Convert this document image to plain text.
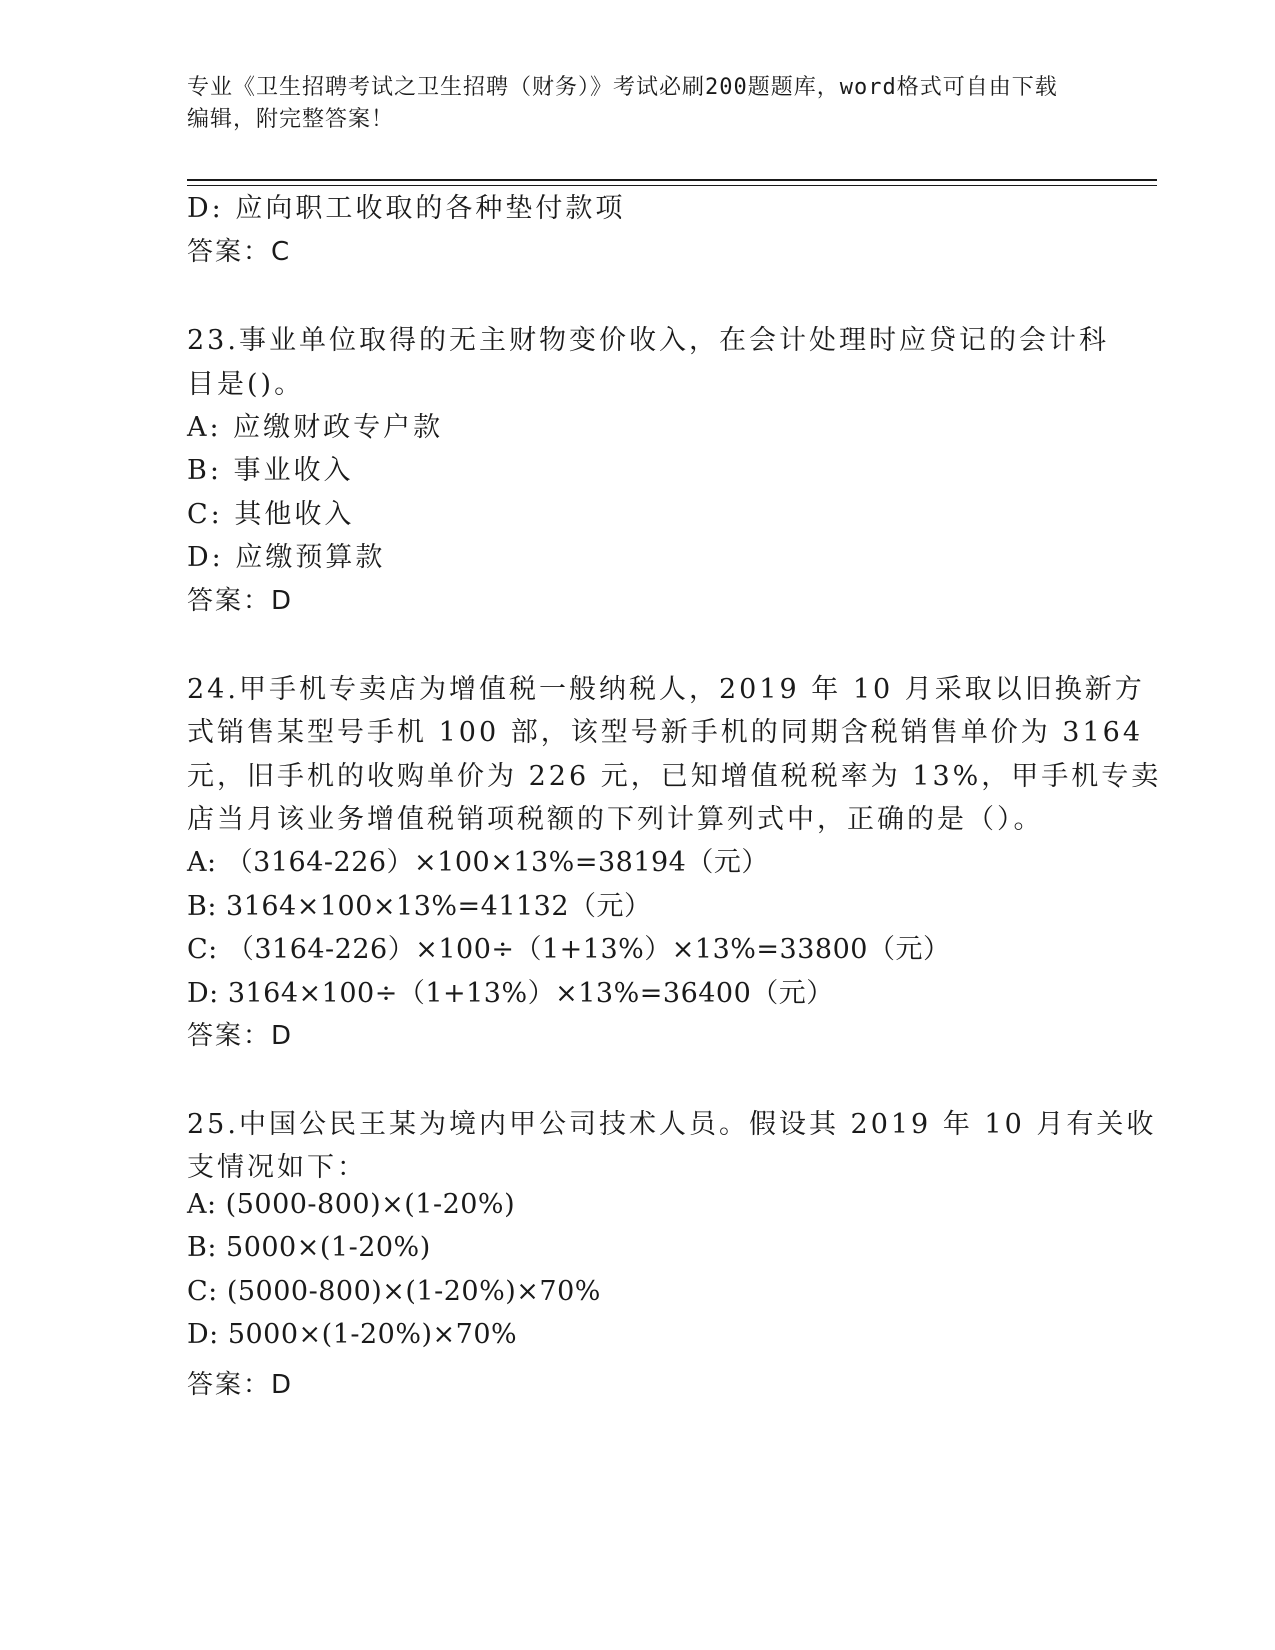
专业《卫生招聘考试之卫生招聘（财务）》考试必刷200题题库，word格式可自由下载编辑，附完整答案！
D: 应向职工收取的各种垫付款项
答案：C
23.事业单位取得的无主财物变价收入，在会计处理时应贷记的会计科
目是()。
A: 应缴财政专户款
B: 事业收入
C: 其他收入
D: 应缴预算款
答案：D
24.甲手机专卖店为增值税一般纳税人，2019 年 10 月采取以旧换新方
式销售某型号手机 100 部，该型号新手机的同期含税销售单价为 3164
元，旧手机的收购单价为 226 元，已知增值税税率为 13%，甲手机专卖
店当月该业务增值税销项税额的下列计算列式中，正确的是（）。
A: （3164-226）×100×13%=38194（元）
B: 3164×100×13%=41132（元）
C: （3164-226）×100÷（1+13%）×13%=33800（元）
D: 3164×100÷（1+13%）×13%=36400（元）
答案：D
25.中国公民王某为境内甲公司技术人员。假设其 2019 年 10 月有关收
支情况如下：
A: (5000-800)×(1-20%)
B: 5000×(1-20%)
C: (5000-800)×(1-20%)×70%
D: 5000×(1-20%)×70%
答案：D
